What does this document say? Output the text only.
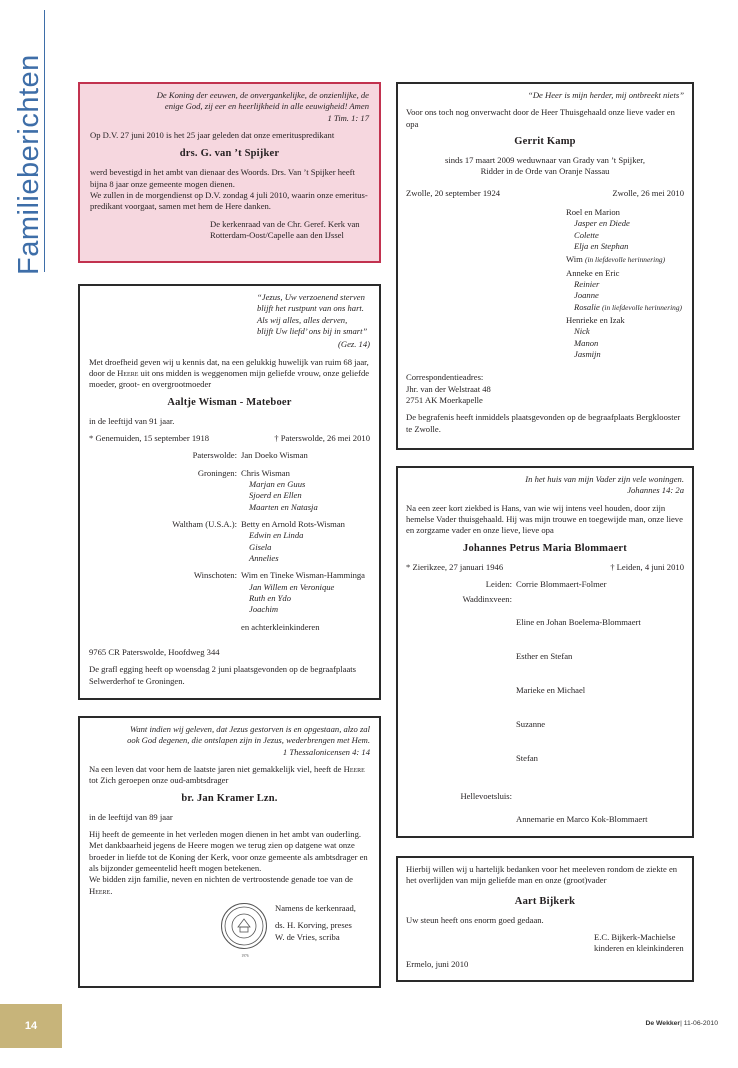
Familieberichten	De Koning der eeuwen, de onvergankelijke, de onzienlijke, de enige God, zij eer en heerlijkheid in alle eeuwigheid! Amen
1 Tim. 1: 17
Op D.V. 27 juni 2010 is het 25 jaar geleden dat onze emerituspredikant
drs. G. van ’t Spijker
werd bevestigd in het ambt van dienaar des Woords. Drs. Van ’t Spijker heeft bijna 8 jaar onze gemeente mogen dienen.
We zullen in de morgendienst op D.V. zondag 4 juli 2010, waarin onze emerituspredikant voorgaat, samen met hem de Here danken.
De kerkenraad van de Chr. Geref. Kerk van Rotterdam-Oost/Capelle aan den IJssel
“Jezus, Uw verzoenend sterven
blijft het rustpunt van ons hart.
Als wij alles, alles derven,
blijft Uw liefd’ ons bij in smart”
(Gez. 14)
Met droefheid geven wij u kennis dat, na een gelukkig huwelijk van ruim 68 jaar, door de Heere uit ons midden is weggenomen mijn geliefde vrouw, onze geliefde moeder, groot- en overgrootmoeder
Aaltje Wisman - Mateboer
in de leeftijd van 91 jaar.
* Genemuiden, 15 september 1918	† Paterswolde, 26 mei 2010
Paterswolde: Jan Doeko Wisman
Groningen: Chris Wisman
Marjan en Guus
Sjoerd en Ellen
Maarten en Natasja
Waltham (U.S.A.): Betty en Arnold Rots-Wisman
Edwin en Linda
Gisela
Annelies
Winschoten: Wim en Tineke Wisman-Hamminga
Jan Willem en Veronique
Ruth en Ydo
Joachim
en achterkleinkinderen
9765 CR Paterswolde, Hoofdweg 344
De grafl egging heeft op woensdag 2 juni plaatsgevonden op de begraafplaats Selwerderhof te Groningen.
Want indien wij geleven, dat Jezus gestorven is en opgestaan, alzo zal ook God degenen, die ontslapen zijn in Jezus, wederbrengen met Hem.
1 Thessalonicensen 4: 14
Na een leven dat voor hem de laatste jaren niet gemakkelijk viel, heeft de Heere tot Zich geroepen onze oud-ambtsdrager
br. Jan Kramer Lzn.
in de leeftijd van 89 jaar
Hij heeft de gemeente in het verleden mogen dienen in het ambt van ouderling. Met dankbaarheid jegens de Heere mogen we terug zien op datgene wat onze broeder in liefde tot de Koning der Kerk, voor onze gemeente als ambtsdrager en als bijzonder gemeentelid heeft mogen betekenen.
We bidden zijn familie, neven en nichten de vertroostende genade toe van de Heere.
1976
Namens de kerkenraad,
ds. H. Korving, preses
W. de Vries, scriba
“De Heer is mijn herder, mij ontbreekt niets”
Voor ons toch nog onverwacht door de Heer Thuisgehaald onze lieve vader en opa
Gerrit Kamp
sinds 17 maart 2009 weduwnaar van Grady van ’t Spijker,
Ridder in de Orde van Oranje Nassau
Zwolle, 20 september 1924	Zwolle, 26 mei 2010
Roel en Marion
Jasper en Diede
Colette
Elja en Stephan
Wim (in liefdevolle herinnering)
Anneke en Eric
Reinier
Joanne
Rosalie (in liefdevolle herinnering)
Henrieke en Izak
Nick
Manon
Jasmijn
Correspondentieadres:
Jhr. van der Welstraat 48
2751 AK Moerkapelle
De begrafenis heeft inmiddels plaatsgevonden op de begraafplaats Bergklooster te Zwolle.
In het huis van mijn Vader zijn vele woningen.
Johannes 14: 2a
Na een zeer kort ziekbed is Hans, van wie wij intens veel houden, door zijn hemelse Vader thuisgehaald. Hij was mijn trouwe en toegewijde man, onze lieve en zorgzame vader en onze lieve, lieve opa
Johannes Petrus Maria Blommaert
* Zierikzee, 27 januari 1946	† Leiden, 4 juni 2010
Leiden: Corrie Blommaert-Folmer
Waddinxveen:

Eline en Johan Boelema-Blommaert

Esther en Stefan

Marieke en Michael

Suzanne

Stefan

Hellevoetsluis:

Annemarie en Marco Kok-Blommaert

Hierbij willen wij u hartelijk bedanken voor het meeleven rondom de ziekte en het overlijden van mijn geliefde man en onze (groot)vader
Aart Bijkerk
Uw steun heeft ons enorm goed gedaan.
E.C. Bijkerk-Machielse
kinderen en kleinkinderen
Ermelo, juni 2010
14	De Wekker| 11-06-2010
